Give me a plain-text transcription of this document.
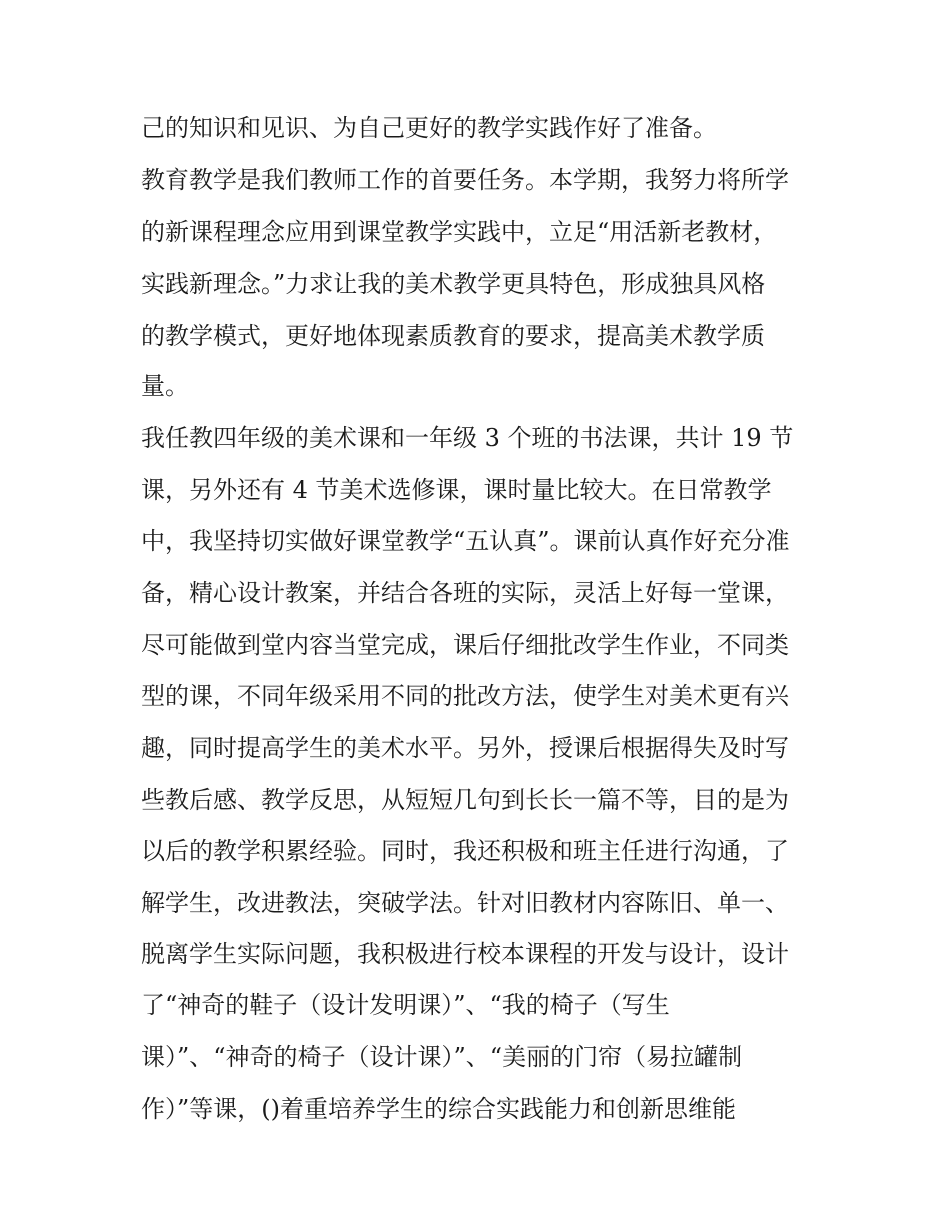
己的知识和见识、为自己更好的教学实践作好了准备。
教育教学是我们教师工作的首要任务。本学期，我努力将所学
的新课程理念应用到课堂教学实践中，立足“用活新老教材，
实践新理念。”力求让我的美术教学更具特色，形成独具风格
的教学模式，更好地体现素质教育的要求，提高美术教学质
量。
我任教四年级的美术课和一年级 3 个班的书法课，共计 19 节
课，另外还有 4 节美术选修课，课时量比较大。在日常教学
中，我坚持切实做好课堂教学“五认真”。课前认真作好充分准
备，精心设计教案，并结合各班的实际，灵活上好每一堂课，
尽可能做到堂内容当堂完成，课后仔细批改学生作业，不同类
型的课，不同年级采用不同的批改方法，使学生对美术更有兴
趣，同时提高学生的美术水平。另外，授课后根据得失及时写
些教后感、教学反思，从短短几句到长长一篇不等，目的是为
以后的教学积累经验。同时，我还积极和班主任进行沟通，了
解学生，改进教法，突破学法。针对旧教材内容陈旧、单一、
脱离学生实际问题，我积极进行校本课程的开发与设计，设计
了“神奇的鞋子（设计发明课）”、“我的椅子（写生
课）”、“神奇的椅子（设计课）”、“美丽的门帘（易拉罐制
作）”等课，()着重培养学生的综合实践能力和创新思维能
